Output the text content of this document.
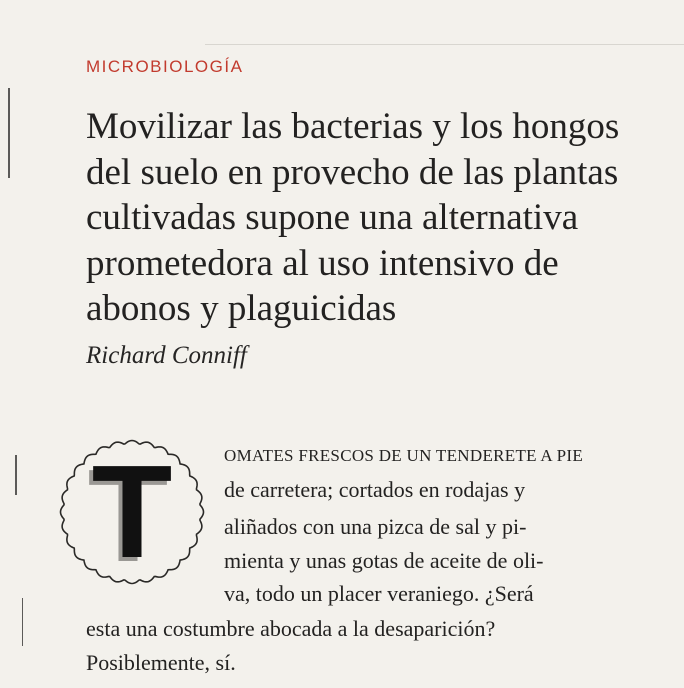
MICROBIOLOGÍA
Movilizar las bacterias y los hongos
del suelo en provecho de las plantas
cultivadas supone una alternativa
prometedora al uso intensivo de
abonos y plaguicidas
Richard Conniff
T	OMATES FRESCOS DE UN TENDERETE A PIE
de carretera; cortados en rodajas y
aliñados con una pizca de sal y pi-
mienta y unas gotas de aceite de oli-
va, todo un placer veraniego. ¿Será
esta una costumbre abocada a la desaparición?
Posiblemente, sí.
